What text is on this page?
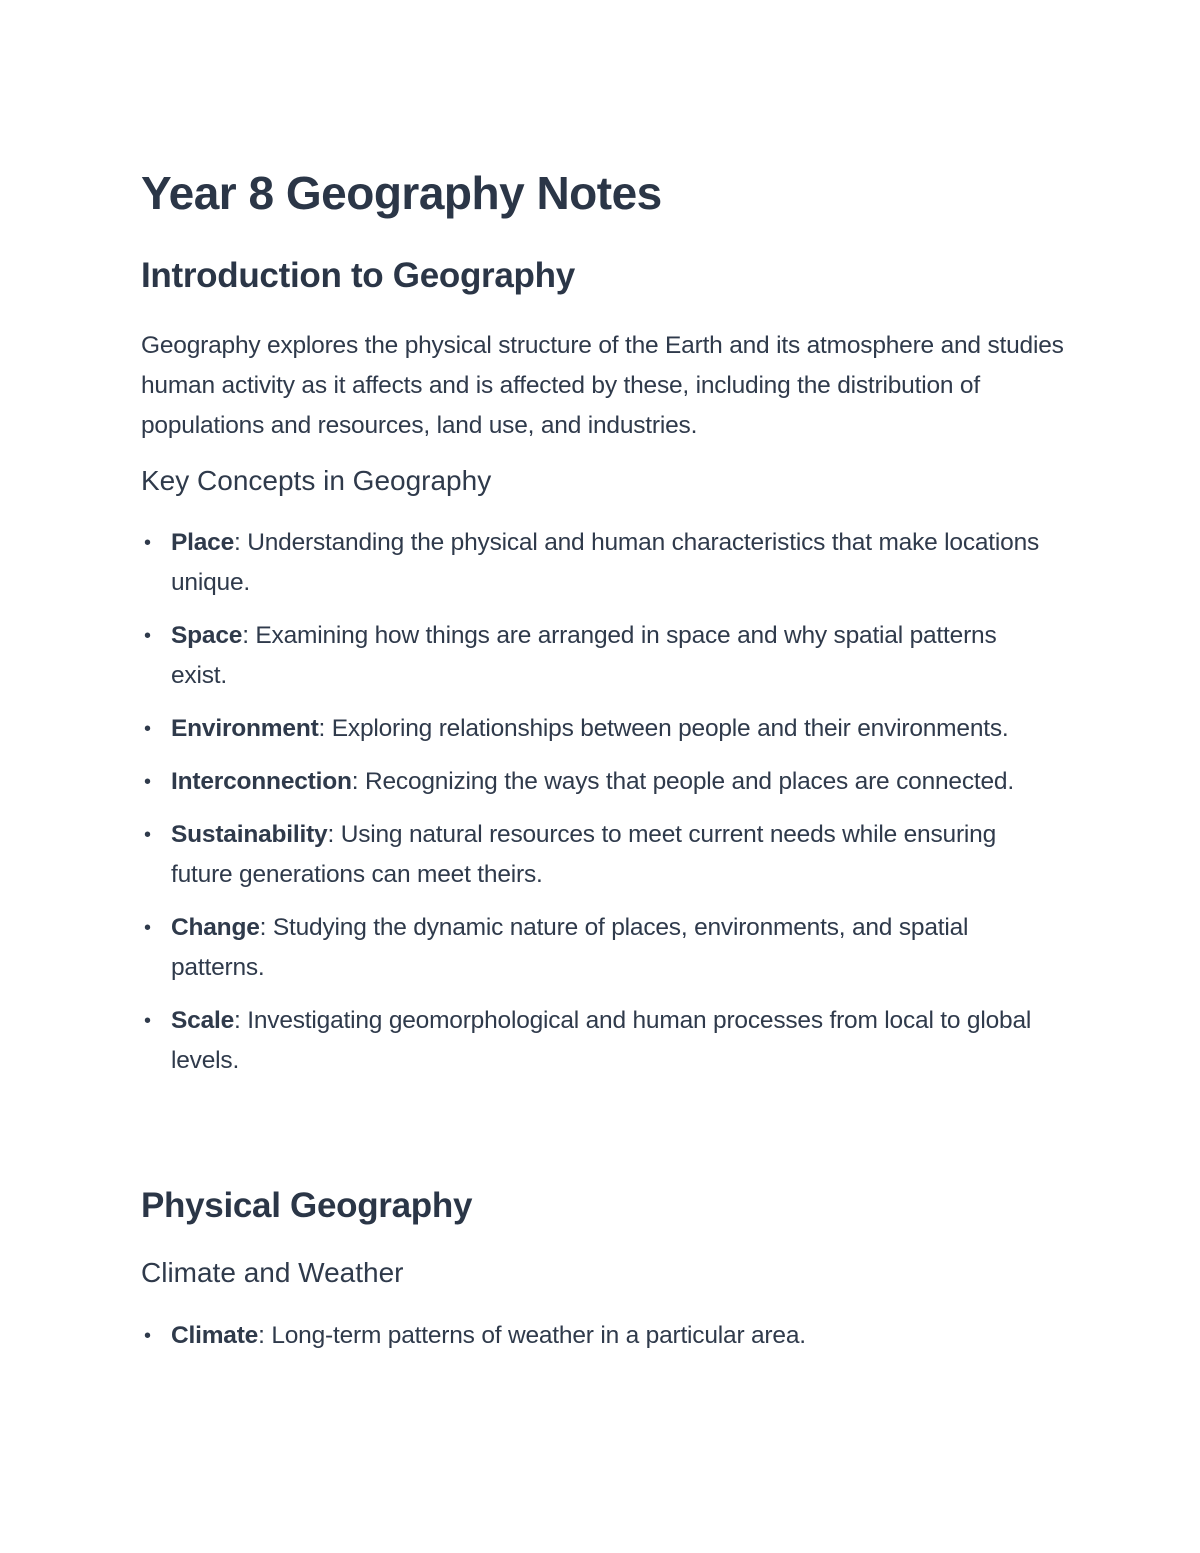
Year 8 Geography Notes
Introduction to Geography

Geography explores the physical structure of the Earth and its atmosphere and studies human activity as it affects and is affected by these, including the distribution of populations and resources, land use, and industries.

Key Concepts in Geography
• Place: Understanding the physical and human characteristics that make locations unique.
• Space: Examining how things are arranged in space and why spatial patterns exist.
• Environment: Exploring relationships between people and their environments.
• Interconnection: Recognizing the ways that people and places are connected.
• Sustainability: Using natural resources to meet current needs while ensuring future generations can meet theirs.
• Change: Studying the dynamic nature of places, environments, and spatial patterns.
• Scale: Investigating geomorphological and human processes from local to global levels.
Physical Geography
Climate and Weather
• Climate: Long-term patterns of weather in a particular area.
